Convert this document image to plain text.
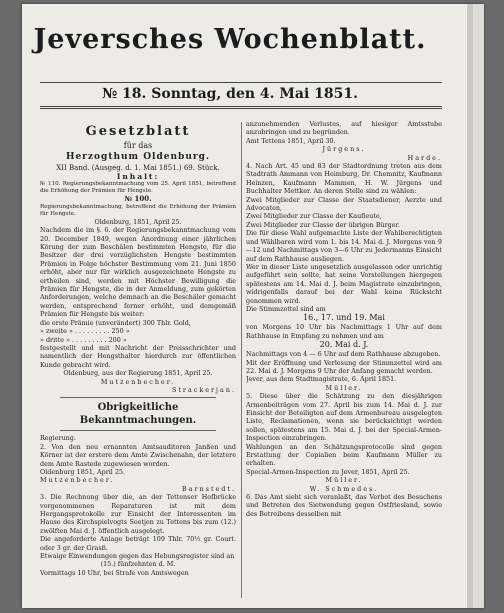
Jeversches Wochenblatt.
№ 18. Sonntag, den 4. Mai 1851.

Gesetzblatt

für das

Herzogthum Oldenburg.

XII Band. (Ausgeg. d. 1. Mai 1851.) 69. Stück.

Inhalt:

№ 110. Regierungsbekanntmachung vom 25. April 1851, betreffend die Erhöhung der Prämien für Hengste.

№ 100.

Regierungsbekanntmachung, betreffend die Erhöhung der Prämien für Hengste.

Oldenburg, 1851, April 25.

Nachdem die im §. 6. der Regierungsbekanntmachung vom 20. December 1849, wegen Anordnung einer jährlichen Körung der zum Beschälen bestimmten Hengste, für die Besitzer der drei vorzüglichsten Hengste bestimmten Prämien in Folge höchster Bestimmung vom 21. Juni 1850 erhöht, aber nur für wirklich ausgezeichnete Hengste zu ertheilen sind, werden mit Höchster Bewilligung die Prämien für Hengste, die in der Anmeldung, zum gekörten Anforderungen, welche demnach an die Beschäler gemacht werden, entsprechend ferner erhöht, und demgemäß Prämien für Hengste bis weiter:

die erste Prämie (unverändert) 300 Thlr. Gold,

» zweite » . . . . . . . . . 250 »

» dritte » . . . . . . . . . 200 »

festgestellt und mit Nachricht der Preisschrichter und namentlich der Hengsthalter hierdurch zur öffentlichen Kunde gebracht wird.

Oldenburg, aus der Regierung 1851, April 25.

Mutzenbecher.

Strackerjan.

Obrigkeitliche Bekanntmachungen.

Regierung.

2. Von den neu ernannten Amtsauditoren Janßen und Körner ist der erstere dem Amte Zwischenahn, der letztere dem Amte Rastede zugewiesen worden.

Oldenburg 1851, April 25.

Mutzenbecher.

Barnstedt.

3. Die Rechnung über die, an der Tettenser Hofbrücke vorgenommenen Reparaturen ist mit dem Hergangsprotokolle zur Einsicht der Interessenten im Hause des Kirchspielvogts Seetjen zu Tettens bis zum (12.) zwölften Mai d. J. öffentlich ausgelegt.

Die angeforderte Anlage beträgt 109 Thlr. 70½ gr. Court. oder 3 gr. der Grasß.

Etwaige Einwendungen gegen das Hebungsregister sind an

(15.) fünfzehnten d. M.

Vormittags 10 Uhr, bei Strafe von Amtswegen

anzunehmenden Verlustes, auf hiesiger Amtsstube anzubringen und zu begründen.

Amt Tettens 1851, April 30.

Jürgens.

Harde.

4. Nach Art. 45 und 83 der Stadtordnung treten aus dem Stadtrath Ammann von Heimburg, Dr. Chemnitz, Kaufmann Heinzen, Kaufmann Mammen, H. W. Jürgens und Buchhalter Mettker. An deren Stelle sind zu wählen:

Zwei Mitglieder zur Classe der Staatsdiener, Aerzte und Advocaten,

Zwei Mitglieder zur Classe der Kaufleute,

Zwei Mitglieder zur Classe der übrigen Bürger.

Die für diese Wahl aufgemachte Liste der Wahlberechtigten und Wählbaren wird vom 1. bis 14. Mai d. J. Morgens von 9—12 und Nachmittags von 3—6 Uhr zu Jedermanns Einsicht auf dem Rathhause ausliegen.

Wer in dieser Liste ungesetzlich ausgelassen oder unrichtig aufgeführt sein sollte, hat seine Vorstellungen hiergegen spätestens am 14. Mai d. J. beim Magistrate einzubringen, widrigenfalls darauf bei der Wahl keine Rücksicht genommen wird.

Die Stimmzettel sind am

16., 17. und 19. Mai

von Morgens 10 Uhr bis Nachmittags 1 Uhr auf dem Rathhause in Empfang zu nehmen und am

20. Mai d. J.

Nachmittags von 4 — 6 Uhr auf dem Rathhause abzugeben.

Mit der Eröffnung und Verlesung der Stimmzettel wird am 22. Mai d. J. Morgens 9 Uhr der Anfang gemacht werden.

Jever, aus dem Stadtmagistrate, 6. April 1851.

Müller.

5. Diese über die Schätzung zu den diesjährigen Armenbeiträgen vom 27. April bis zum 14. Mai d. J. zur Einsicht der Beteiligten auf dem Armenbureau ausgelegten Liste, Reclamationen, wenn sie berücksichtigt werden sollen, spätestens am 15. Mai d. J. bei der Special-Armen-Inspection einzubringen.

Wahlungen an den Schätzungsprotocolle sind gegen Erstattung der Copialien beim Kaufmann Müller zu erhalten.

Special-Armen-Inspection zu Jever, 1851, April 25.

Müller.

W. Schmedes.

6. Das Amt sieht sich veranlaßt, das Verbot des Besuchens und Betreten des Sietwendung gegen Ostfriesland, sowie des Betreibens desselben mit
